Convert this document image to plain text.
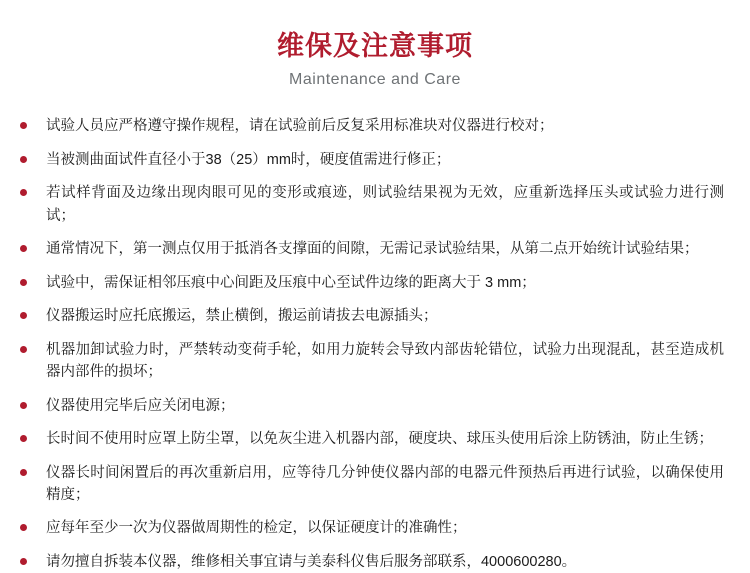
维保及注意事项
Maintenance and Care
试验人员应严格遵守操作规程，请在试验前后反复采用标准块对仪器进行校对；
当被测曲面试件直径小于38（25）mm时，硬度值需进行修正；
若试样背面及边缘出现肉眼可见的变形或痕迹，则试验结果视为无效，应重新选择压头或试验力进行测试；
通常情况下，第一测点仅用于抵消各支撑面的间隙，无需记录试验结果，从第二点开始统计试验结果；
试验中，需保证相邻压痕中心间距及压痕中心至试件边缘的距离大于 3 mm；
仪器搬运时应托底搬运，禁止横倒，搬运前请拔去电源插头；
机器加卸试验力时，严禁转动变荷手轮，如用力旋转会导致内部齿轮错位，试验力出现混乱，甚至造成机器内部件的损坏；
仪器使用完毕后应关闭电源；
长时间不使用时应罩上防尘罩，以免灰尘进入机器内部，硬度块、球压头使用后涂上防锈油，防止生锈；
仪器长时间闲置后的再次重新启用，应等待几分钟使仪器内部的电器元件预热后再进行试验，以确保使用精度；
应每年至少一次为仪器做周期性的检定，以保证硬度计的准确性；
请勿擅自拆装本仪器，维修相关事宜请与美泰科仪售后服务部联系，4000600280。
